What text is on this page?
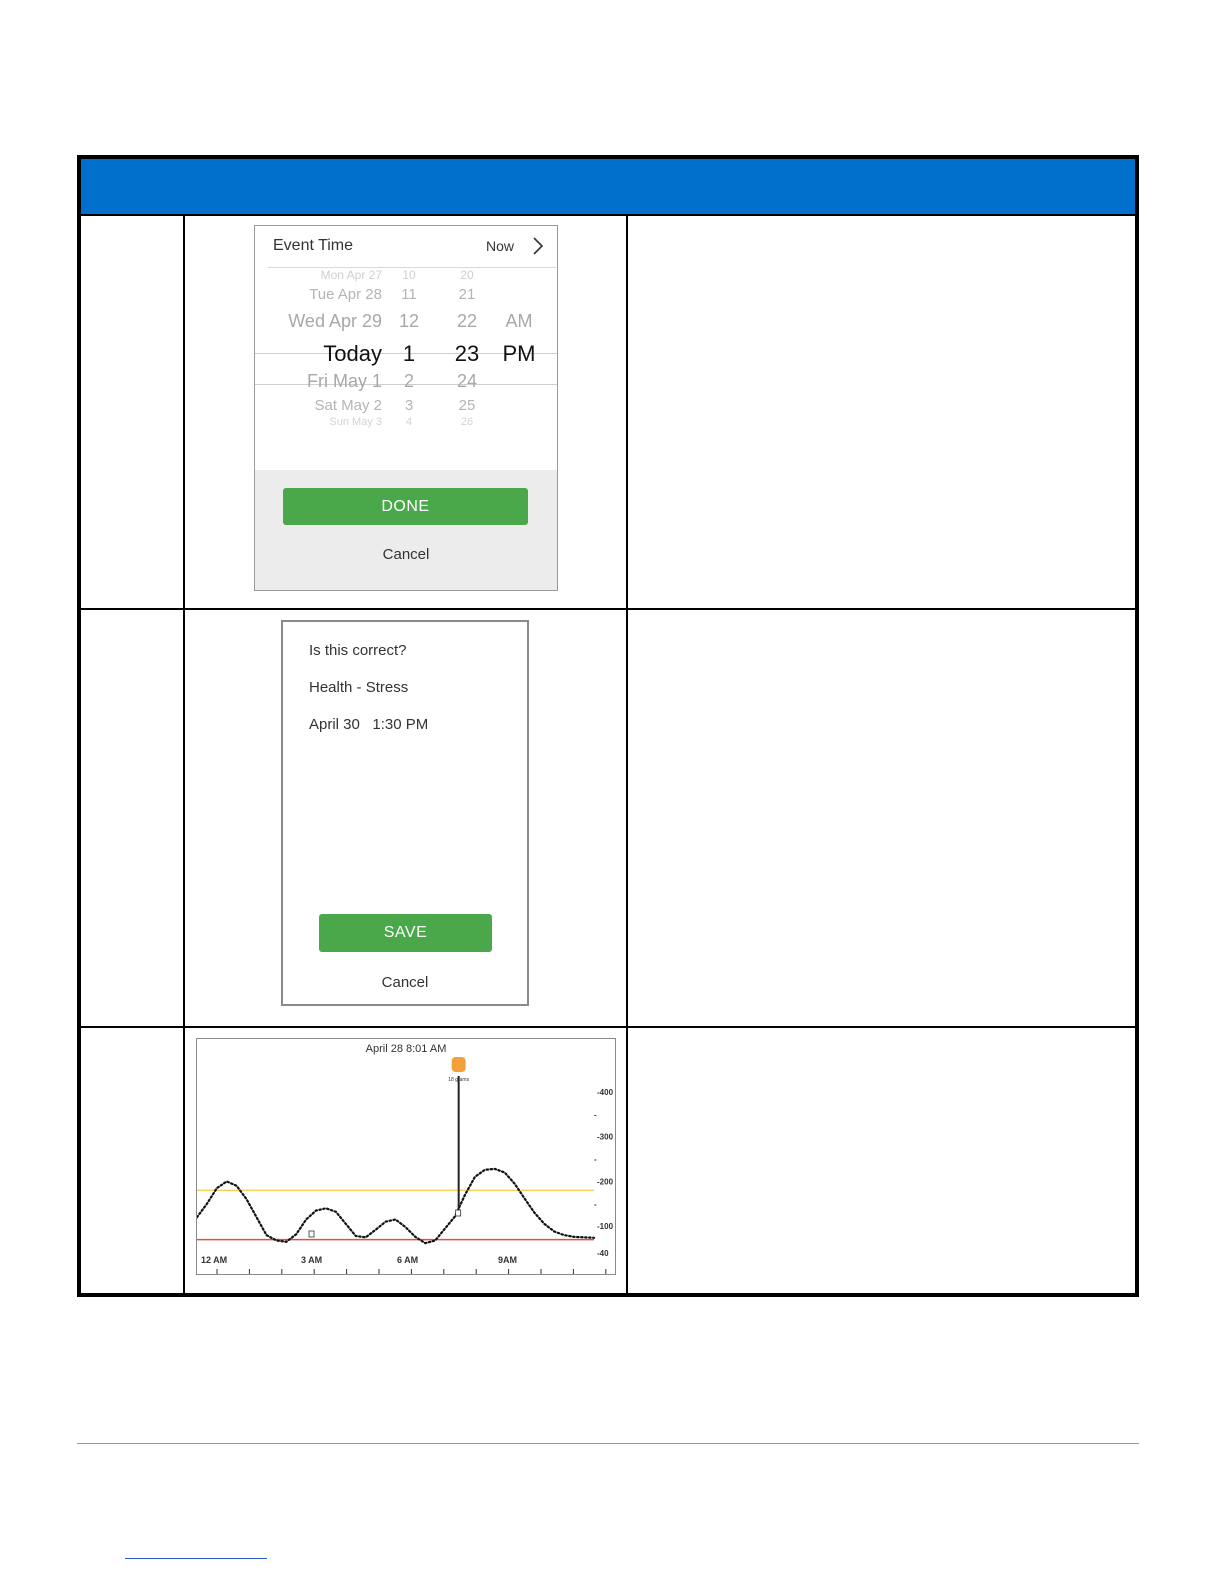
Event Time	Now
Mon Apr 27	10	20
Tue Apr 28	11	21
Wed Apr 29 12	22	AM
Today 1	23	PM
Fri May 1	2	24
Sat May 2	3	25
Sun May 3	4	26
DONE
Cancel
Is this correct?
Health - Stress
April 30   1:30 PM
SAVE
Cancel
April 28 8:01 AM
-400
-300
-200
-100
-40
-
-
-
12 AM	3 AM	6 AM	9AM
18 grams
